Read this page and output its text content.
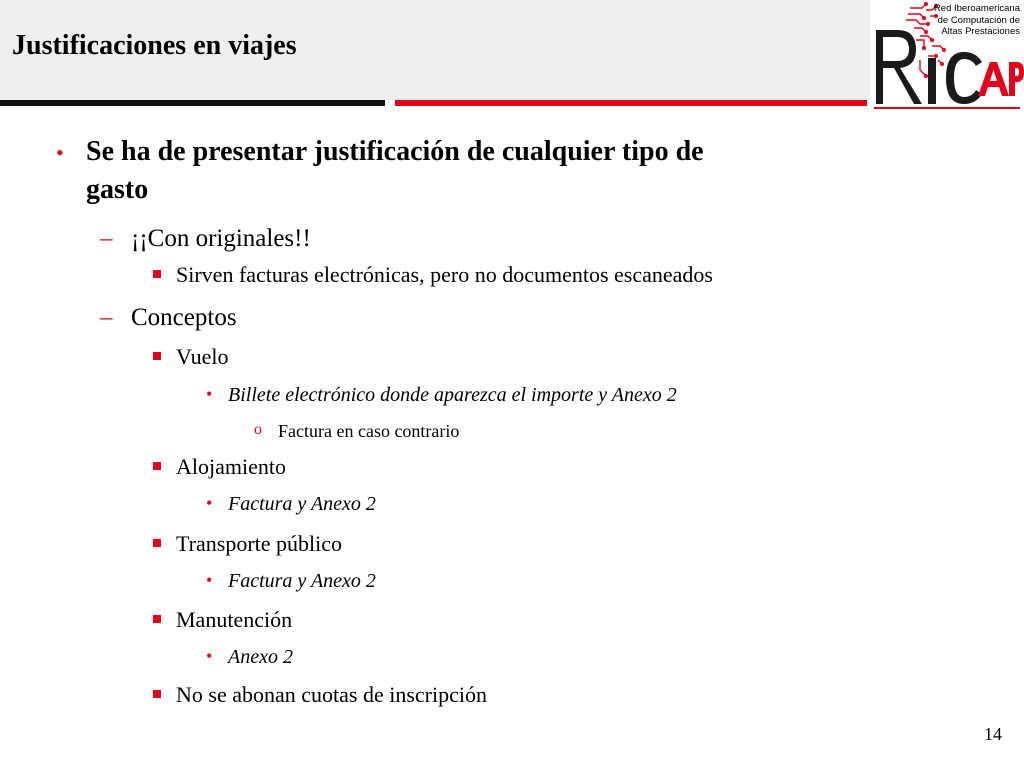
Justificaciones en viajes
Red Iberoamericana
de Computación de
Altas Prestaciones
• Se ha de presentar justificación de cualquier tipo de
gasto
– ¡¡Con originales!!
Sirven facturas electrónicas, pero no documentos escaneados
– Conceptos
Vuelo
• Billete electrónico donde aparezca el importe y Anexo 2
o Factura en caso contrario
Alojamiento
• Factura y Anexo 2
Transporte público
• Factura y Anexo 2
Manutención
• Anexo 2
No se abonan cuotas de inscripción
14
